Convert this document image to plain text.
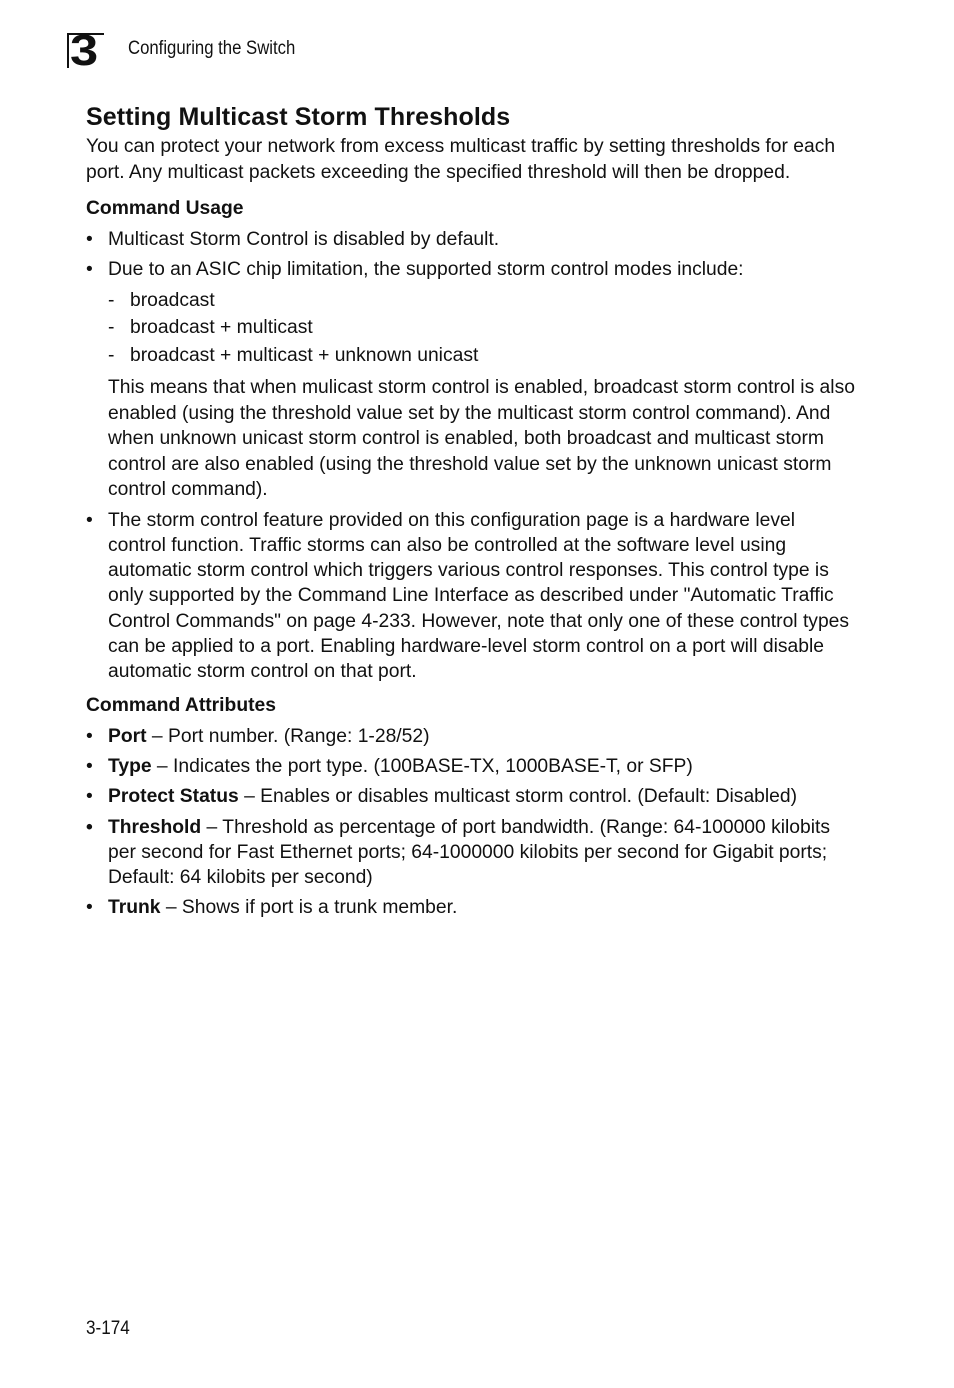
3 Configuring the Switch
Setting Multicast Storm Thresholds

You can protect your network from excess multicast traffic by setting thresholds for each port. Any multicast packets exceeding the specified threshold will then be dropped.

Command Usage
• Multicast Storm Control is disabled by default.
• Due to an ASIC chip limitation, the supported storm control modes include:
- broadcast
- broadcast + multicast
- broadcast + multicast + unknown unicast

This means that when mulicast storm control is enabled, broadcast storm control is also enabled (using the threshold value set by the multicast storm control command). And when unknown unicast storm control is enabled, both broadcast and multicast storm control are also enabled (using the threshold value set by the unknown unicast storm control command).

• The storm control feature provided on this configuration page is a hardware level control function. Traffic storms can also be controlled at the software level using automatic storm control which triggers various control responses. This control type is only supported by the Command Line Interface as described under "Automatic Traffic Control Commands" on page 4-233. However, note that only one of these control types can be applied to a port. Enabling hardware-level storm control on a port will disable automatic storm control on that port.
Command Attributes
• Port – Port number. (Range: 1-28/52)
• Type – Indicates the port type. (100BASE-TX, 1000BASE-T, or SFP)
• Protect Status – Enables or disables multicast storm control. (Default: Disabled)
• Threshold – Threshold as percentage of port bandwidth. (Range: 64-100000 kilobits per second for Fast Ethernet ports; 64-1000000 kilobits per second for Gigabit ports; Default: 64 kilobits per second)
• Trunk – Shows if port is a trunk member.
3-174
